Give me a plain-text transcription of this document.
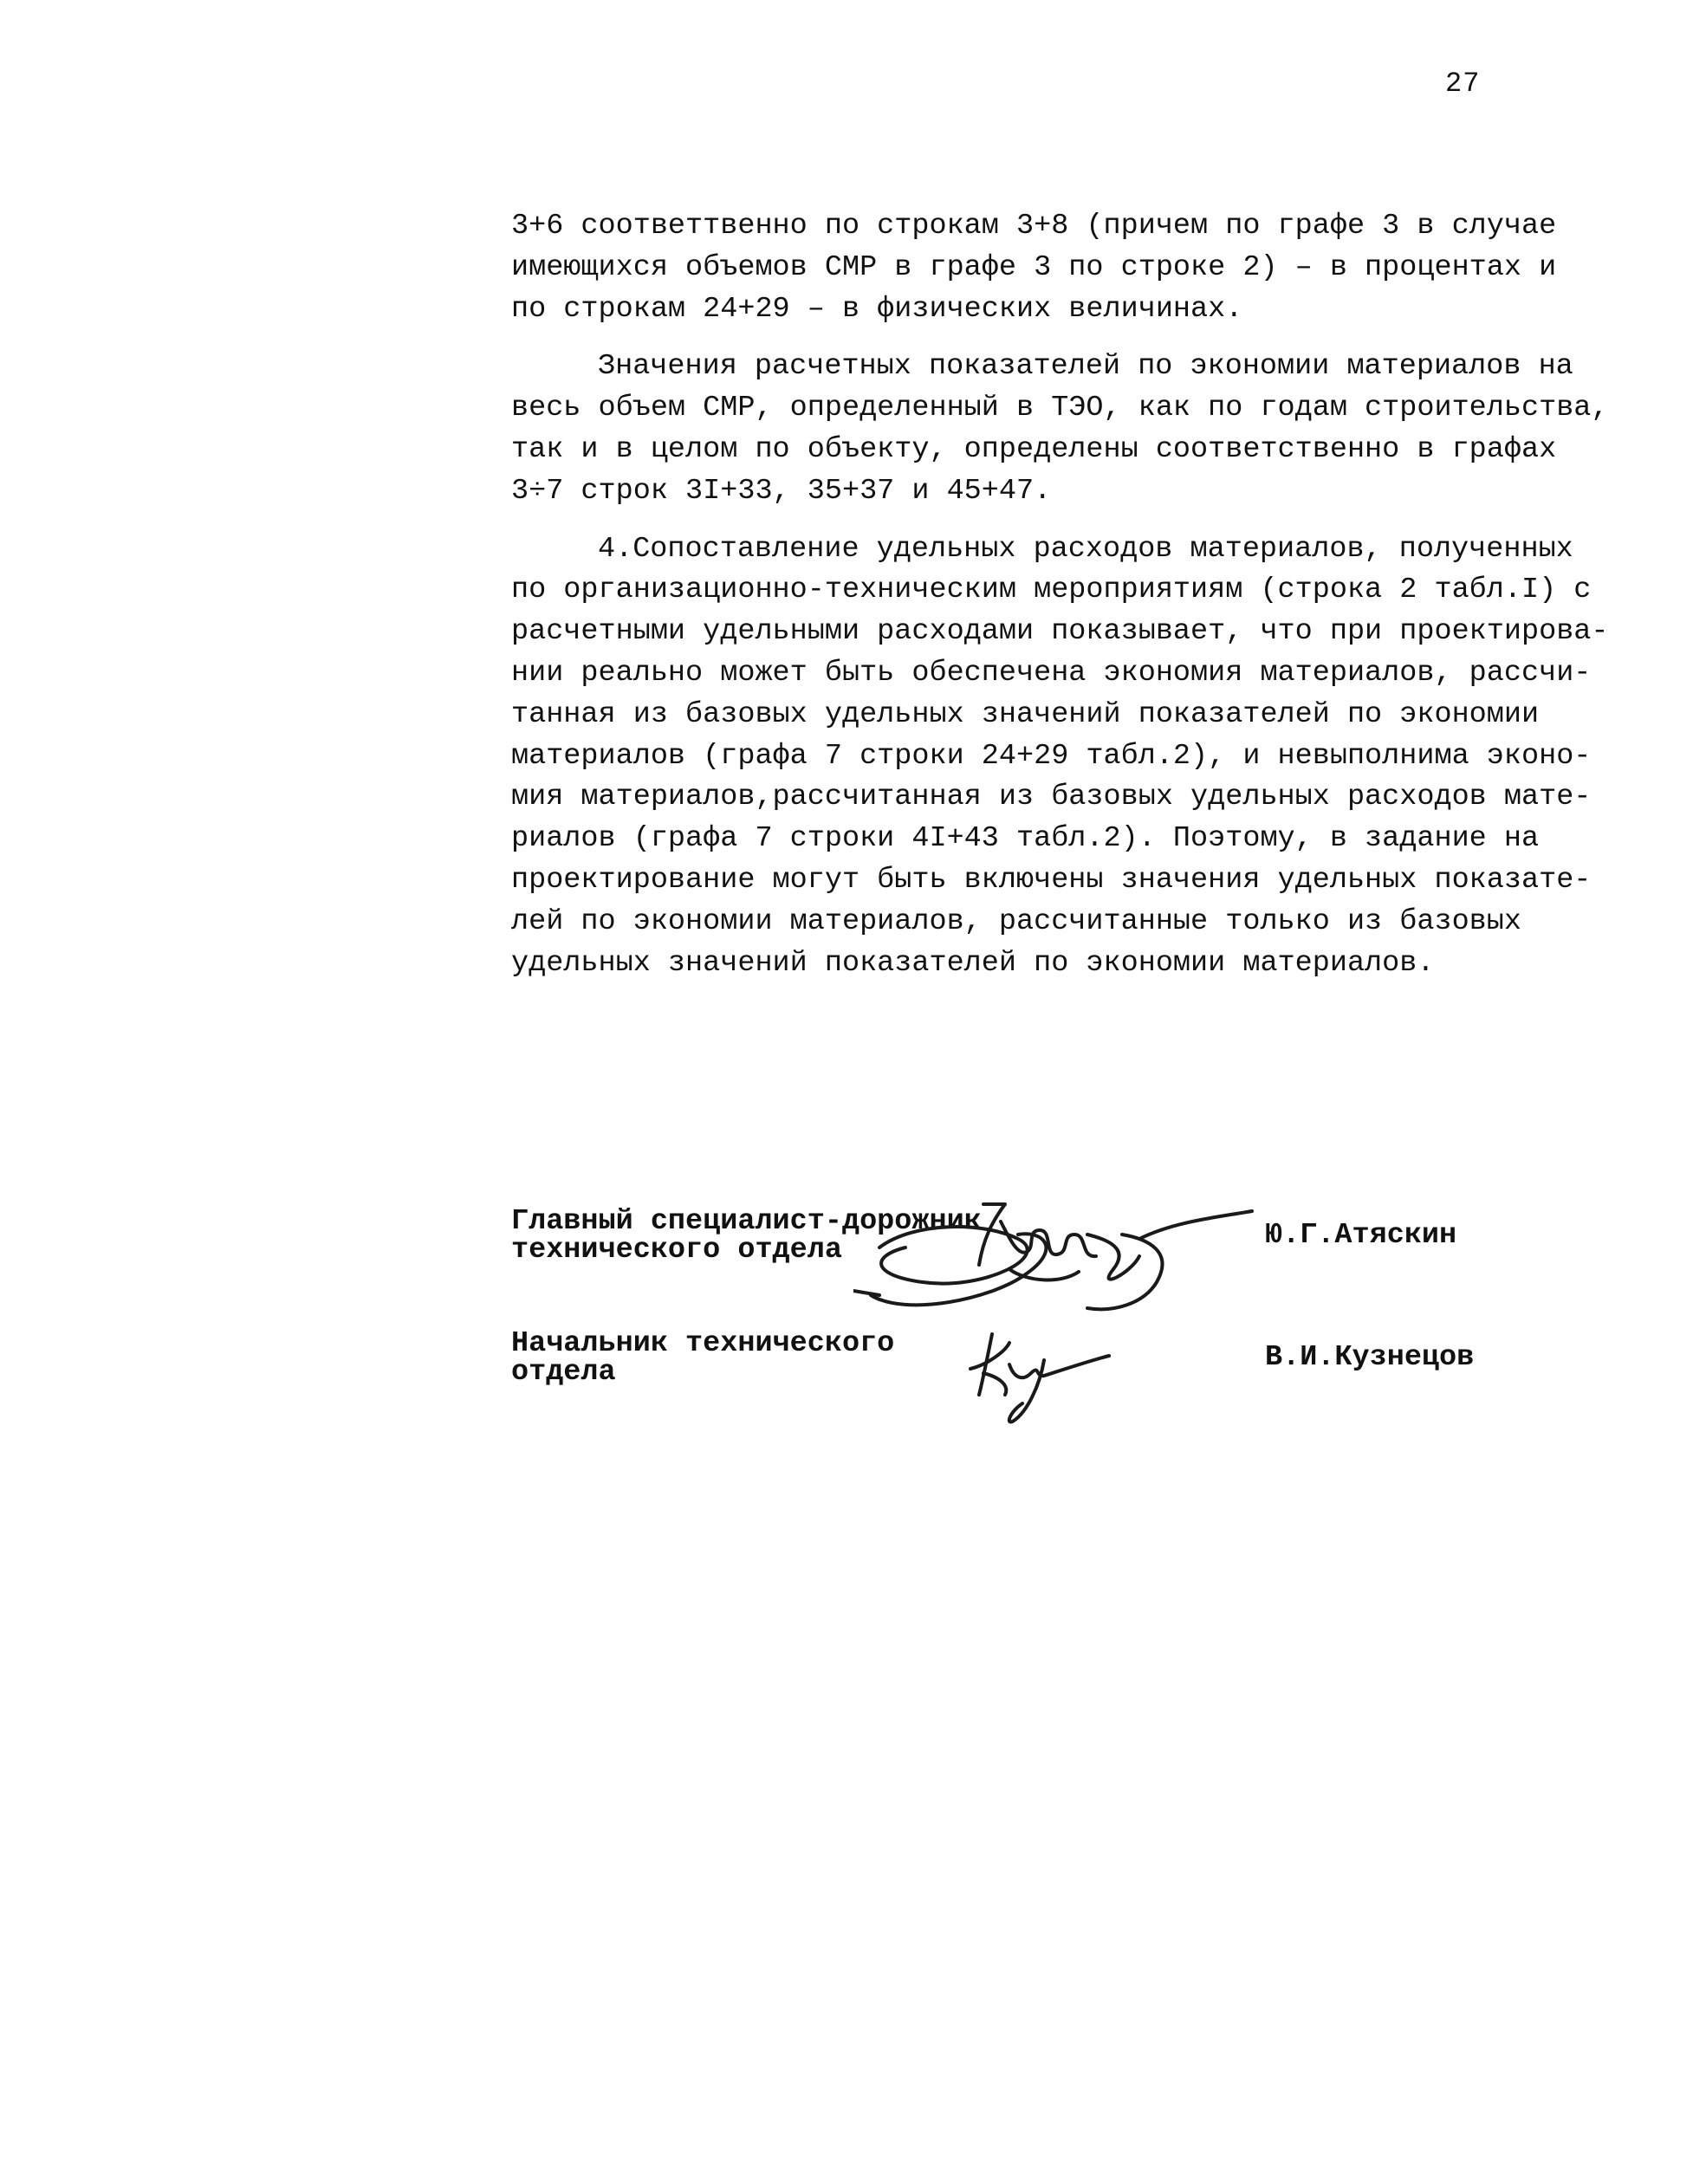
27
3+6 соответтвенно по строкам 3+8 (причем по графе 3 в случае
имеющихся объемов СМР в графе 3 по строке 2) – в процентах и
по строкам 24+29 – в физических величинах.
Значения расчетных показателей по экономии материалов на
весь объем СМР, определенный в ТЭО, как по годам строительства,
так и в целом по объекту, определены соответственно в графах
3÷7 строк 3I+33, 35+37 и 45+47.
4.Сопоставление удельных расходов материалов, полученных
по организационно-техническим мероприятиям (строка 2 табл.I) с
расчетными удельными расходами показывает, что при проектирова-
нии реально может быть обеспечена экономия материалов, рассчи-
танная из базовых удельных значений показателей по экономии
материалов (графа 7 строки 24+29 табл.2), и невыполнима эконо-
мия материалов,рассчитанная из базовых удельных расходов мате-
риалов (графа 7 строки 4I+43 табл.2). Поэтому, в задание на
проектирование могут быть включены значения удельных показате-
лей по экономии материалов, рассчитанные только из базовых
удельных значений показателей по экономии материалов.
Главный специалист-дорожник
технического отдела	Ю.Г.Атяскин
Начальник технического
отдела	В.И.Кузнецов
